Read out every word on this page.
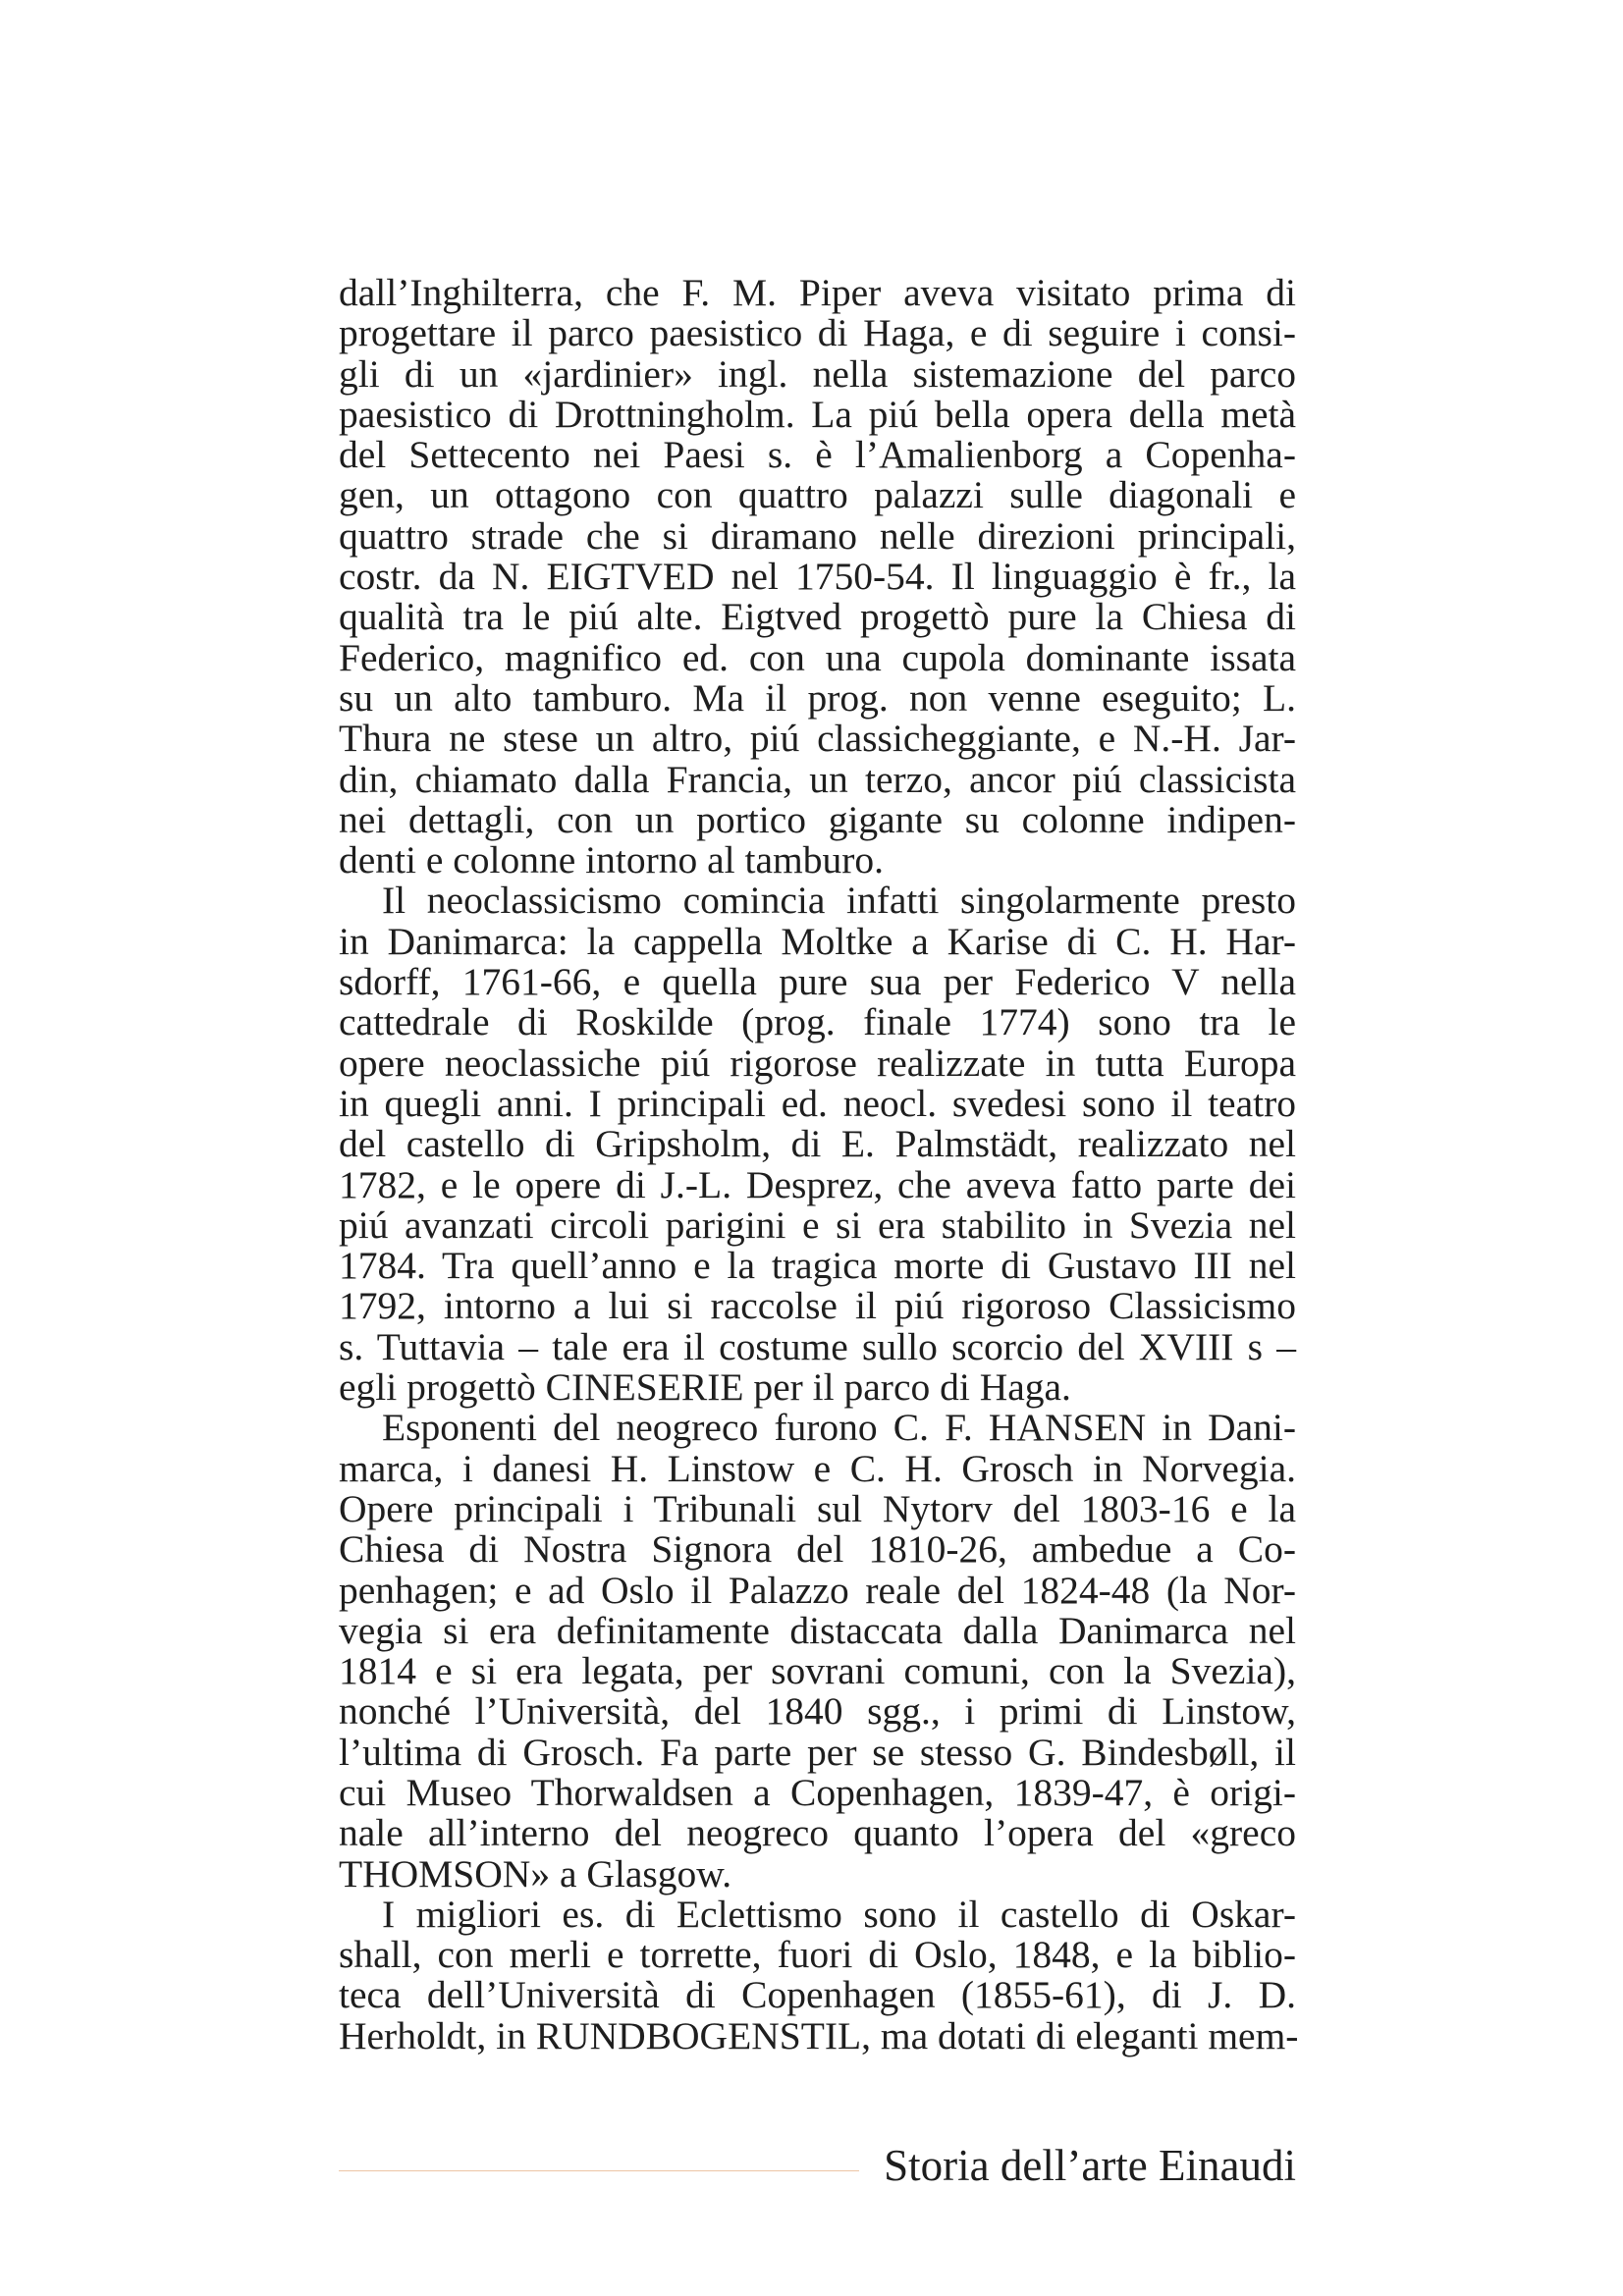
dall’Inghilterra, che F. M. Piper aveva visitato prima di
progettare il parco paesistico di Haga, e di seguire i consi-
gli di un «jardinier» ingl. nella sistemazione del parco
paesistico di Drottningholm. La piú bella opera della metà
del Settecento nei Paesi s. è l’Amalienborg a Copenha-
gen, un ottagono con quattro palazzi sulle diagonali e
quattro strade che si diramano nelle direzioni principali,
costr. da N. EIGTVED nel 1750-54. Il linguaggio è fr., la
qualità tra le piú alte. Eigtved progettò pure la Chiesa di
Federico, magnifico ed. con una cupola dominante issata
su un alto tamburo. Ma il prog. non venne eseguito; L.
Thura ne stese un altro, piú classicheggiante, e N.-H. Jar-
din, chiamato dalla Francia, un terzo, ancor piú classicista
nei dettagli, con un portico gigante su colonne indipen-
denti e colonne intorno al tamburo.

Il neoclassicismo comincia infatti singolarmente presto
in Danimarca: la cappella Moltke a Karise di C. H. Har-
sdorff, 1761-66, e quella pure sua per Federico V nella
cattedrale di Roskilde (prog. finale 1774) sono tra le
opere neoclassiche piú rigorose realizzate in tutta Europa
in quegli anni. I principali ed. neocl. svedesi sono il teatro
del castello di Gripsholm, di E. Palmstädt, realizzato nel
1782, e le opere di J.-L. Desprez, che aveva fatto parte dei
piú avanzati circoli parigini e si era stabilito in Svezia nel
1784. Tra quell’anno e la tragica morte di Gustavo III nel
1792, intorno a lui si raccolse il piú rigoroso Classicismo
s. Tuttavia – tale era il costume sullo scorcio del XVIII s –
egli progettò CINESERIE per il parco di Haga.

Esponenti del neogreco furono C. F. HANSEN in Dani-
marca, i danesi H. Linstow e C. H. Grosch in Norvegia.
Opere principali i Tribunali sul Nytorv del 1803-16 e la
Chiesa di Nostra Signora del 1810-26, ambedue a Co-
penhagen; e ad Oslo il Palazzo reale del 1824-48 (la Nor-
vegia si era definitamente distaccata dalla Danimarca nel
1814 e si era legata, per sovrani comuni, con la Svezia),
nonché l’Università, del 1840 sgg., i primi di Linstow,
l’ultima di Grosch. Fa parte per se stesso G. Bindesbøll, il
cui Museo Thorwaldsen a Copenhagen, 1839-47, è origi-
nale all’interno del neogreco quanto l’opera del «greco
THOMSON» a Glasgow.

I migliori es. di Eclettismo sono il castello di Oskar-
shall, con merli e torrette, fuori di Oslo, 1848, e la biblio-
teca dell’Università di Copenhagen (1855-61), di J. D.
Herholdt, in RUNDBOGENSTIL, ma dotati di eleganti mem-

Storia dell’arte Einaudi
